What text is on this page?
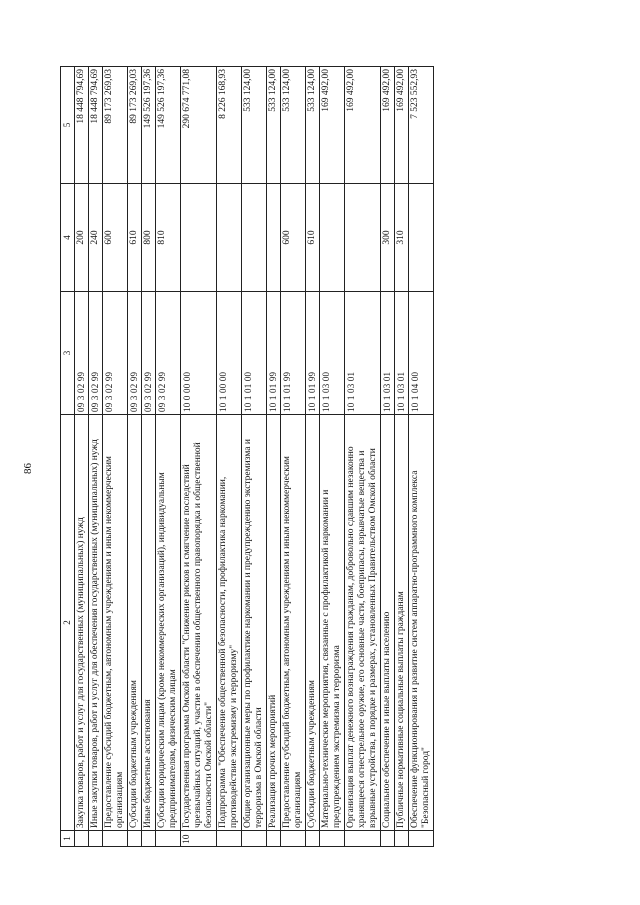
86
1	2	3	4	5
	Закупка товаров, работ и услуг для государственных (муниципальных) нужд	09 3 02 99	200	18 448 794,69
	Иные закупки товаров, работ и услуг для обеспечения государственных (муниципальных) нужд	09 3 02 99	240	18 448 794,69
	Предоставление субсидий бюджетным, автономным учреждениям и иным некоммерческим организациям	09 3 02 99	600	89 173 269,03
	Субсидии бюджетным учреждениям	09 3 02 99	610	89 173 269,03
	Иные бюджетные ассигнования	09 3 02 99	800	149 526 197,36
	Субсидии юридическим лицам (кроме некоммерческих организаций), индивидуальным предпринимателям, физическим лицам	09 3 02 99	810	149 526 197,36
10	Государственная программа Омской области "Снижение рисков и смягчение последствий чрезвычайных ситуаций, участие в обеспечении общественного правопорядка и общественной безопасности Омской области"	10 0 00 00		290 674 771,08
	Подпрограмма "Обеспечение общественной безопасности, профилактика наркомании, противодействие экстремизму и терроризму"	10 1 00 00		8 226 168,93
	Общие организационные меры по профилактике наркомании и предупреждению экстремизма и терроризма в Омской области	10 1 01 00		533 124,00
	Реализация прочих мероприятий	10 1 01 99		533 124,00
	Предоставление субсидий бюджетным, автономным учреждениям и иным некоммерческим организациям	10 1 01 99	600	533 124,00
	Субсидии бюджетным учреждениям	10 1 01 99	610	533 124,00
	Материально-технические мероприятия, связанные с профилактикой наркомании и предупреждением экстремизма и терроризма	10 1 03 00		169 492,00
	Организация выплат денежного вознаграждения гражданам, добровольно сдавшим незаконно хранящееся огнестрельное оружие, его основные части, боеприпасы, взрывчатые вещества и взрывные устройства, в порядке и размерах, установленных Правительством Омской области	10 1 03 01		169 492,00
	Социальное обеспечение и иные выплаты населению	10 1 03 01	300	169 492,00
	Публичные нормативные социальные выплаты гражданам	10 1 03 01	310	169 492,00
	Обеспечение функционирования и развитие систем аппаратно-программного комплекса "Безопасный город"	10 1 04 00		7 523 552,93
